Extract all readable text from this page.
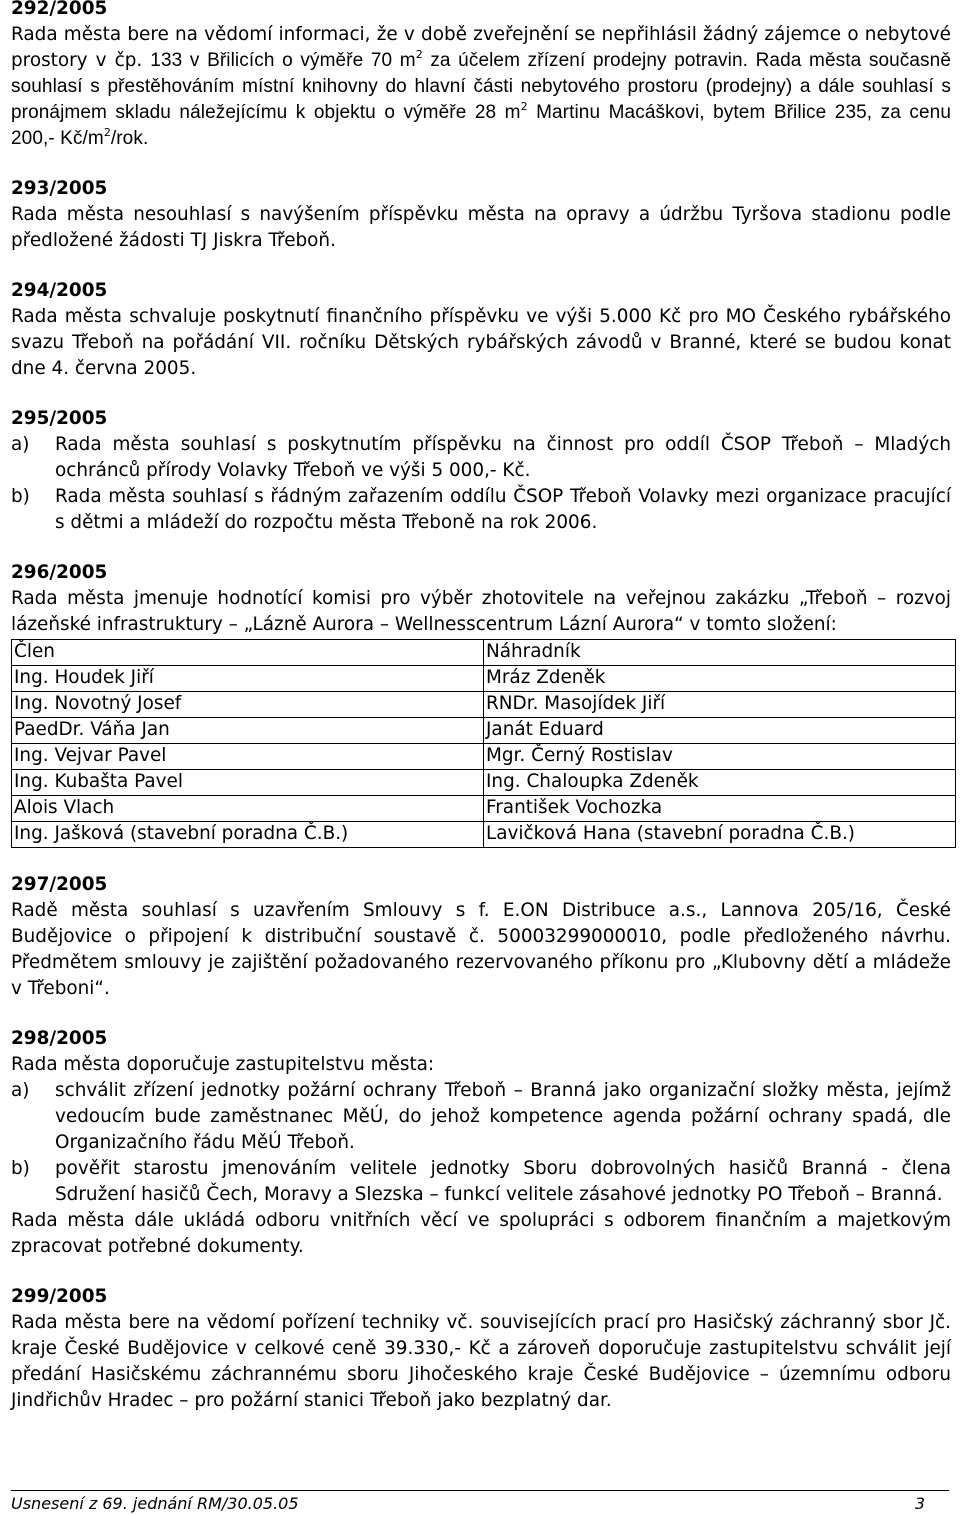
292/2005

Rada města bere na vědomí informaci, že v době zveřejnění se nepřihlásil žádný zájemce o nebytové prostory v čp. 133 v Břilicích o výměře 70 $m^2$ za účelem zřízení prodejny potravin. Rada města současně souhlasí s přestěhováním místní knihovny do hlavní části nebytového prostoru (prodejny) a dále souhlasí s pronájmem skladu náležejícímu k objektu o výměře 28 $m^2$ Martinu Macáškovi, bytem Břilice 235, za cenu 200,- $Kč/m^2$/rok.

293/2005

Rada města nesouhlasí s navýšením příspěvku města na opravy a údržbu Tyršova stadionu podle předložené žádosti TJ Jiskra Třeboň.

294/2005

Rada města schvaluje poskytnutí finančního příspěvku ve výši 5.000 Kč pro MO Českého rybářského svazu Třeboň na pořádání VII. ročníku Dětských rybářských závodů v Branné, které se budou konat dne 4. června 2005.

295/2005
a)	Rada města souhlasí s poskytnutím příspěvku na činnost pro oddíl ČSOP Třeboň – Mladých ochránců přírody Volavky Třeboň ve výši 5 000,- Kč.
b)	Rada města souhlasí s řádným zařazením oddílu ČSOP Třeboň Volavky mezi organizace pracující s dětmi a mládeží do rozpočtu města Třeboně na rok 2006.
296/2005

Rada města jmenuje hodnotící komisi pro výběr zhotovitele na veřejnou zakázku „Třeboň – rozvoj lázeňské infrastruktury – „Lázně Aurora – Wellnesscentrum Lázní Aurora“ v tomto složení:

Člen	Náhradník
Ing. Houdek Jiří	Mráz Zdeněk
Ing. Novotný Josef	RNDr. Masojídek Jiří
PaedDr. Váňa Jan	Janát Eduard
Ing. Vejvar Pavel	Mgr. Černý Rostislav
Ing. Kubašta Pavel	Ing. Chaloupka Zdeněk
Alois Vlach	František Vochozka
Ing. Jašková (stavební poradna Č.B.)	Lavičková Hana (stavební poradna Č.B.)
297/2005

Radě města souhlasí s uzavřením Smlouvy s f. E.ON Distribuce a.s., Lannova 205/16, České Budějovice o připojení k distribuční soustavě č. 50003299000010, podle předloženého návrhu. Předmětem smlouvy je zajištění požadovaného rezervovaného příkonu pro „Klubovny dětí a mládeže v Třeboni“.

298/2005

Rada města doporučuje zastupitelstvu města:

a)	schválit zřízení jednotky požární ochrany Třeboň – Branná jako organizační složky města, jejímž vedoucím bude zaměstnanec MěÚ, do jehož kompetence agenda požární ochrany spadá, dle Organizačního řádu MěÚ Třeboň.
b)	pověřit starostu jmenováním velitele jednotky Sboru dobrovolných hasičů Branná - člena Sdružení hasičů Čech, Moravy a Slezska – funkcí velitele zásahové jednotky PO Třeboň – Branná.

Rada města dále ukládá odboru vnitřních věcí ve spolupráci s odborem finančním a majetkovým zpracovat potřebné dokumenty.

299/2005

Rada města bere na vědomí pořízení techniky vč. souvisejících prací pro Hasičský záchranný sbor Jč. kraje České Budějovice v celkové ceně 39.330,- Kč a zároveň doporučuje zastupitelstvu schválit její předání Hasičskému záchrannému sboru Jihočeského kraje České Budějovice – územnímu odboru Jindřichův Hradec – pro požární stanici Třeboň jako bezplatný dar.

Usnesení z 69. jednání RM/30.05.05	3
